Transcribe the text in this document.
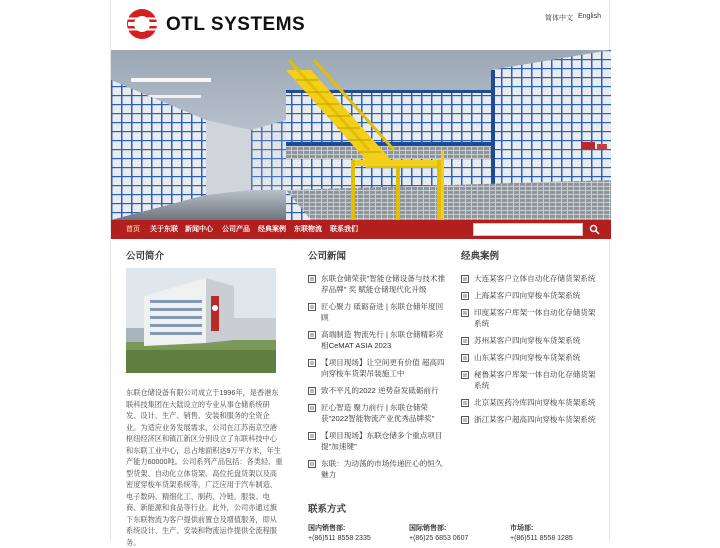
OTL SYSTEMS	简体中文 English
首页 关于东联 新闻中心 公司产品 经典案例 东联物流 联系我们
公司简介
东联仓储设备有限公司成立于1996年，是香港东联科技集团在大陆设立的专业从事仓储系统研发、设计、生产、销售、安装和服务的全资企业。为适应业务发展需求，公司在江苏南京空港枢纽经济区和镇江新区分别设立了东联科技中心和东联工业中心，总占地面积达9万平方米，年生产能力60000吨。公司系列产品包括：各类轻、重型货架、自动化立体货架、高位托盘货架以及高密度穿梭车货架系统等，广泛应用于汽车制造、电子数码、精细化工、制药、冷链、服装、电商、新能源和食品等行业。此外，公司亦通过旗下东联物流为客户提供前置仓及增值服务，即从系统设计、生产、安装和物流运作提供全流程服务。
公司新闻
东联仓储荣获"智能仓储设备与技术推荐品牌" 奖 赋能仓储现代化升级
匠心聚力 砥砺奋进 | 东联仓储年度回顾
高端制造 物流先行 | 东联仓储精彩亮相CeMAT ASIA 2023
【项目现场】让空间更有价值 超高四向穿梭车货架吊装施工中
致不平凡的2022 逆势奋发砥砺前行
匠心智造 聚力前行 | 东联仓储荣获"2022智能物流产业优秀品牌奖"
【项目现场】东联仓储多个重点项目提"加速键"
东联：为动荡的市场传递匠心的恒久魅力
经典案例
大连某客户立体自动化存储货架系统
上海某客户四向穿梭车货架系统
印度某客户库架一体自动化存储货架系统
苏州某客户四向穿梭车货架系统
山东某客户四向穿梭车货架系统
秘鲁某客户库架一体自动化存储货架系统
北京某医药冷库四向穿梭车货架系统
浙江某客户超高四向穿梭车货架系统
联系方式
国内销售部:
+(86)511 8558 2335
国际销售部:
+(86)25 6853 0607
市场部:
+(86)511 8558 1285
